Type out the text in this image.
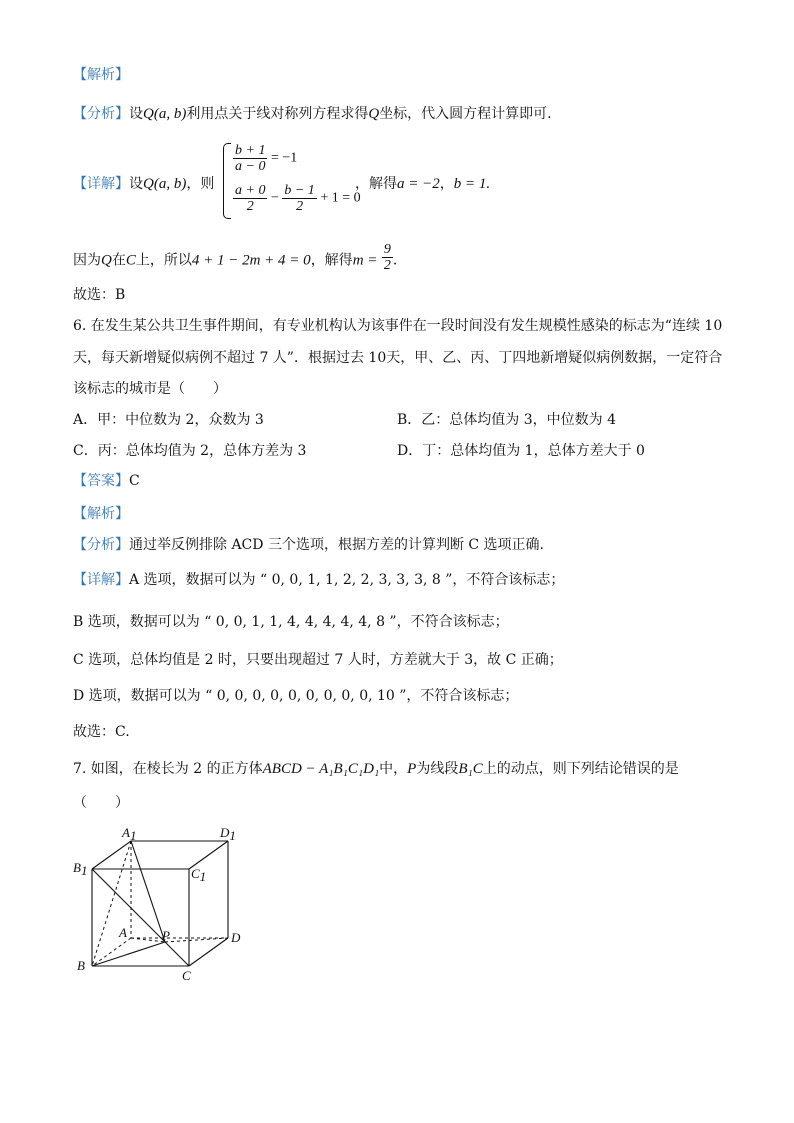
【解析】
【分析】设Q(a, b)利用点关于线对称列方程求得Q坐标，代入圆方程计算即可.
【详解】设Q(a, b)，则
$\frac{b + 1}{a - 0} = -1$
$\frac{a + 0}{2} - \frac{b - 1}{2} + 1 = 0$
，解得a = −2，b = 1.
因为Q在C上，所以4 + 1 − 2m + 4 = 0，解得$m = \frac{9}{2}$ .
故选：B
6. 在发生某公共卫生事件期间，有专业机构认为该事件在一段时间没有发生规模性感染的标志为“连续 10
天，每天新增疑似病例不超过 7 人”．根据过去 10天，甲、乙、丙、丁四地新增疑似病例数据，一定符合
该标志的城市是（　　）
A．甲：中位数为 2，众数为 3	B．乙：总体均值为 3，中位数为 4
C．丙：总体均值为 2，总体方差为 3	D．丁：总体均值为 1，总体方差大于 0
【答案】C
【解析】
【分析】通过举反例排除 ACD 三个选项，根据方差的计算判断 C 选项正确.
【详解】A 选项，数据可以为 “ 0, 0, 1, 1, 2, 2, 3, 3, 3, 8 ”，不符合该标志；
B 选项，数据可以为 “ 0, 0, 1, 1, 4, 4, 4, 4, 4, 8 ”，不符合该标志；
C 选项，总体均值是 2 时，只要出现超过 7 人时，方差就大于 3，故 C 正确；
D 选项，数据可以为 “ 0, 0, 0, 0, 0, 0, 0, 0, 0, 10 ”，不符合该标志；
故选：C.
7. 如图，在棱长为 2 的正方体ABCD − A₁B₁C₁D₁中，P为线段B₁C上的动点，则下列结论错误的是
（　　）
A1	D1
B1	C1
A	P	D
B
C
